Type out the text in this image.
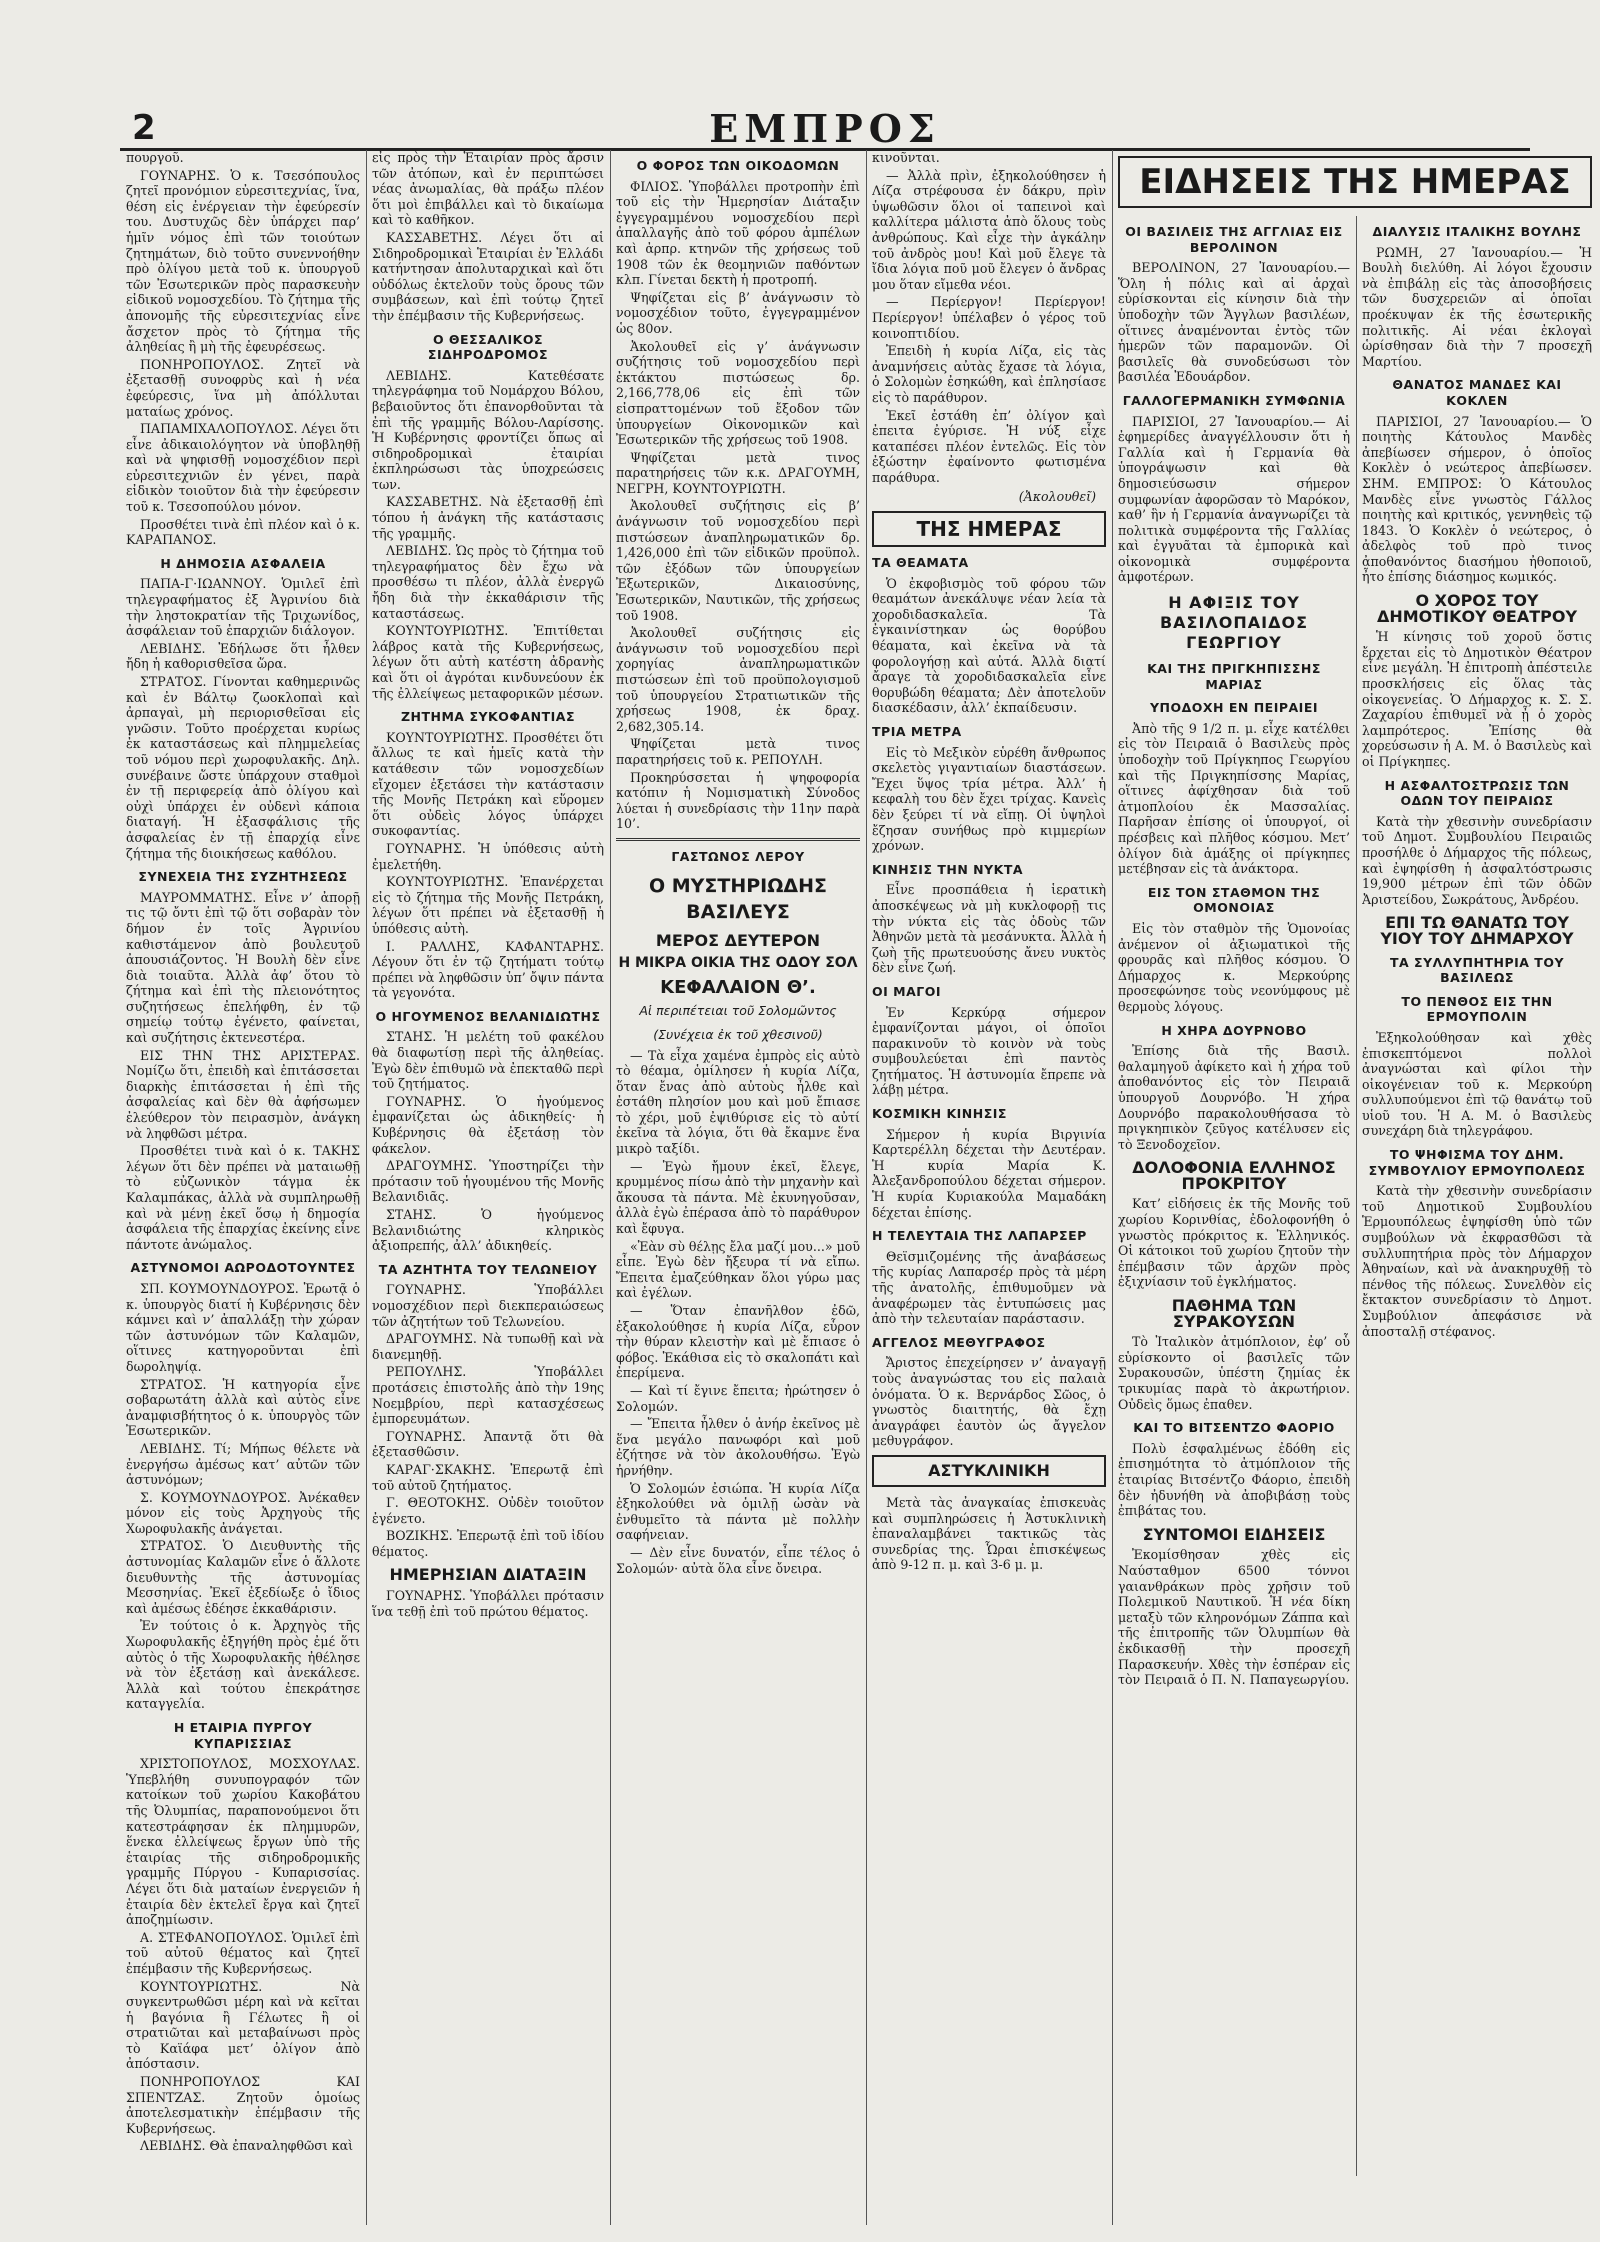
2	ΕΜΠΡΟΣ

πουργοῦ.

ΓΟΥΝΑΡΗΣ. Ὁ κ. Τσεσόπουλος ζητεῖ προνόμιον εὐρεσιτεχνίας, ἵνα, θέση εἰς ἐνέργειαν τὴν ἐφεύρεσίν του. Δυστυχῶς δὲν ὑπάρχει παρ’ ἡμῖν νόμος ἐπὶ τῶν τοιούτων ζητημάτων, διὸ τοῦτο συνεννοήθην πρὸ ὀλίγου μετὰ τοῦ κ. ὑπουργοῦ τῶν Ἐσωτερικῶν πρὸς παρασκευὴν εἰδικοῦ νομοσχεδίου. Τὸ ζήτημα τῆς ἀπονομῆς τῆς εὐρεσιτεχνίας εἶνε ἄσχετον πρὸς τὸ ζήτημα τῆς ἀληθείας ἢ μὴ τῆς ἐφευρέσεως.

ΠΟΝΗΡΟΠΟΥΛΟΣ. Ζητεῖ νὰ ἐξετασθῇ συνοφρὺς καὶ ἡ νέα ἐφεύρεσις, ἵνα μὴ ἀπόλλυται ματαίως χρόνος.

ΠΑΠΑΜΙΧΑΛΟΠΟΥΛΟΣ. Λέγει ὅτι εἶνε ἀδικαιολόγητον νὰ ὑποβληθῇ καὶ νὰ ψηφισθῇ νομοσχέδιον περὶ εὐρεσιτεχνιῶν ἐν γένει, παρὰ εἰδικὸν τοιοῦτον διὰ τὴν ἐφεύρεσιν τοῦ κ. Τσεσοπούλου μόνον.

Προσθέτει τινὰ ἐπὶ πλέον καὶ ὁ κ. ΚΑΡΑΠΑΝΟΣ.

Η ΔΗΜΟΣΙΑ ΑΣΦΑΛΕΙΑ

ΠΑΠΑ-Γ·ΙΩΑΝΝΟΥ. Ὁμιλεῖ ἐπὶ τηλεγραφήματος ἐξ Ἀγρινίου διὰ τὴν ληστοκρατίαν τῆς Τριχωνίδος, ἀσφάλειαν τοῦ ἐπαρχιῶν διάλογον.

ΛΕΒΙΔΗΣ. Ἐδήλωσε ὅτι ἦλθεν ἤδη ἡ καθορισθεῖσα ὥρα.

ΣΤΡΑΤΟΣ. Γίνονται καθημερινῶς καὶ ἐν Βάλτῳ ζωοκλοπαὶ καὶ ἀρπαγαὶ, μὴ περιορισθεῖσαι εἰς γνῶσιν. Τοῦτο προέρχεται κυρίως ἐκ καταστάσεως καὶ πλημμελείας τοῦ νόμου περὶ χωροφυλακῆς. Δηλ. συνέβαινε ὥστε ὑπάρχουν σταθμοὶ ἐν τῇ περιφερείᾳ ἀπὸ ὀλίγου καὶ οὐχὶ ὑπάρχει ἐν οὐδενὶ κάποια διαταγή. Ἡ ἐξασφάλισις τῆς ἀσφαλείας ἐν τῇ ἐπαρχίᾳ εἶνε ζήτημα τῆς διοικήσεως καθόλου.

ΣΥΝΕΧΕΙΑ ΤΗΣ ΣΥΖΗΤΗΣΕΩΣ

ΜΑΥΡΟΜΜΑΤΗΣ. Εἶνε ν’ ἀπορῇ τις τῷ ὄντι ἐπὶ τῷ ὅτι σοβαρὰν τὸν δήμον ἐν τοῖς Ἀγρινίου καθιστάμενον ἀπὸ βουλευτοῦ ἀπουσιάζοντος. Ἡ Βουλὴ δὲν εἶνε διὰ τοιαῦτα. Ἀλλὰ ἀφ’ ὅτου τὸ ζήτημα καὶ ἐπὶ τὴς πλειονότητος συζητήσεως ἐπελήφθη, ἐν τῷ σημείῳ τούτῳ ἐγένετο, φαίνεται, καὶ συζήτησις ἐκτενεστέρα.

ΕΙΣ ΤΗΝ ΤΗΣ ΑΡΙΣΤΕΡΑΣ. Νομίζω ὅτι, ἐπειδὴ καὶ ἐπιτάσσεται διαρκὴς ἐπιτάσσεται ἡ ἐπὶ τῆς ἀσφαλείας καὶ δὲν θὰ ἀφήσωμεν ἐλεύθερον τὸν πειρασμὸν, ἀνάγκη νὰ ληφθῶσι μέτρα.

Προσθέτει τινὰ καὶ ὁ κ. ΤΑΚΗΣ λέγων ὅτι δὲν πρέπει νὰ ματαιωθῇ τὸ εὐζωνικὸν τάγμα ἐκ Καλαμπάκας, ἀλλὰ νὰ συμπληρωθῇ καὶ νὰ μένῃ ἐκεῖ ὅσῳ ἡ δημοσία ἀσφάλεια τῆς ἐπαρχίας ἐκείνης εἶνε πάντοτε ἀνώμαλος.

ΑΣΤΥΝΟΜΟΙ ΑΩΡΟΔΟΤΟΥΝΤΕΣ

ΣΠ. ΚΟΥΜΟΥΝΔΟΥΡΟΣ. Ἐρωτᾷ ὁ κ. ὑπουργὸς διατί ἡ Κυβέρνησις δὲν κάμνει καὶ ν’ ἀπαλλάξῃ τὴν χώραν τῶν ἀστυνόμων τῶν Καλαμῶν, οἵτινες κατηγοροῦνται ἐπὶ δωροληψίᾳ.

ΣΤΡΑΤΟΣ. Ἡ κατηγορία εἶνε σοβαρωτάτη ἀλλὰ καὶ αὐτὸς εἶνε ἀναμφισβήτητος ὁ κ. ὑπουργὸς τῶν Ἐσωτερικῶν.

ΛΕΒΙΔΗΣ. Τί; Μήπως θέλετε νὰ ἐνεργήσω ἀμέσως κατ’ αὐτῶν τῶν ἀστυνόμων;

Σ. ΚΟΥΜΟΥΝΔΟΥΡΟΣ. Ἀνέκαθεν μόνον εἰς τοὺς Ἀρχηγοὺς τῆς Χωροφυλακῆς ἀνάγεται.

ΣΤΡΑΤΟΣ. Ὁ Διευθυντὴς τῆς ἀστυνομίας Καλαμῶν εἶνε ὁ ἄλλοτε διευθυντὴς τῆς ἀστυνομίας Μεσσηνίας. Ἐκεῖ ἐξεδίωξε ὁ ἴδιος καὶ ἀμέσως ἐδέησε ἐκκαθάρισιν.

Ἐν τούτοις ὁ κ. Ἀρχηγὸς τῆς Χωροφυλακῆς ἐξηγήθη πρὸς ἐμέ ὅτι αὐτὸς ὁ τῆς Χωροφυλακῆς ἠθέλησε νὰ τὸν ἐξετάσῃ καὶ ἀνεκάλεσε. Ἀλλὰ καὶ τούτου ἐπεκράτησε καταγγελία.

Η ΕΤΑΙΡΙΑ ΠΥΡΓΟΥ ΚΥΠΑΡΙΣΣΙΑΣ

ΧΡΙΣΤΟΠΟΥΛΟΣ, ΜΟΣΧΟΥΛΑΣ. Ὑπεβλήθη συνυπογραφόν τῶν κατοίκων τοῦ χωρίου Κακοβάτου τῆς Ὀλυμπίας, παραπονούμενοι ὅτι κατεστράφησαν ἐκ πλημμυρῶν, ἕνεκα ἐλλείψεως ἔργων ὑπὸ τῆς ἑταιρίας τῆς σιδηροδρομικῆς γραμμῆς Πύργου - Κυπαρισσίας. Λέγει ὅτι διὰ ματαίων ἐνεργειῶν ἡ ἑταιρία δὲν ἐκτελεῖ ἔργα καὶ ζητεῖ ἀποζημίωσιν.

Α. ΣΤΕΦΑΝΟΠΟΥΛΟΣ. Ὁμιλεῖ ἐπὶ τοῦ αὐτοῦ θέματος καὶ ζητεῖ ἐπέμβασιν τῆς Κυβερνήσεως.

ΚΟΥΝΤΟΥΡΙΩΤΗΣ. Νὰ συγκεντρωθῶσι μέρη καὶ νὰ κεῖται ἡ βαγόνια ἢ Γέλωτες ἢ οἱ στρατιῶται καὶ μεταβαίνωσι πρὸς τὸ Καϊάφα μετ’ ὀλίγον ἀπὸ ἀπόστασιν.

ΠΟΝΗΡΟΠΟΥΛΟΣ ΚΑΙ ΣΠΕΝΤΖΑΣ. Ζητοῦν ὁμοίως ἀποτελεσματικὴν ἐπέμβασιν τῆς Κυβερνήσεως.

ΛΕΒΙΔΗΣ. Θὰ ἐπαναληφθῶσι καὶ

εἰς πρὸς τὴν Ἑταιρίαν πρὸς ἄρσιν τῶν ἀτόπων, καὶ ἐν περιπτώσει νέας ἀνωμαλίας, θὰ πράξω πλέον ὅτι μοὶ ἐπιβάλλει καὶ τὸ δικαίωμα καὶ τὸ καθῆκον.

ΚΑΣΣΑΒΕΤΗΣ. Λέγει ὅτι αἱ Σιδηροδρομικαὶ Ἑταιρίαι ἐν Ἑλλάδι κατήντησαν ἀπολυταρχικαὶ καὶ ὅτι οὐδόλως ἐκτελοῦν τοὺς ὅρους τῶν συμβάσεων, καὶ ἐπὶ τούτῳ ζητεῖ τὴν ἐπέμβασιν τῆς Κυβερνήσεως.

Ο ΘΕΣΣΑΛΙΚΟΣ ΣΙΔΗΡΟΔΡΟΜΟΣ

ΛΕΒΙΔΗΣ. Κατεθέσατε τηλεγράφημα τοῦ Νομάρχου Βόλου, βεβαιοῦντος ὅτι ἐπανορθοῦνται τὰ ἐπὶ τῆς γραμμῆς Βόλου-Λαρίσσης. Ἡ Κυβέρνησις φροντίζει ὅπως αἱ σιδηροδρομικαὶ ἐταιρίαι ἐκπληρώσωσι τὰς ὑποχρεώσεις των.

ΚΑΣΣΑΒΕΤΗΣ. Νὰ ἐξετασθῇ ἐπὶ τόπου ἡ ἀνάγκη τῆς κατάστασις τῆς γραμμῆς.

ΛΕΒΙΔΗΣ. Ὡς πρὸς τὸ ζήτημα τοῦ τηλεγραφήματος δὲν ἔχω νὰ προσθέσω τι πλέον, ἀλλὰ ἐνεργῶ ἤδη διὰ τὴν ἐκκαθάρισιν τῆς καταστάσεως.

ΚΟΥΝΤΟΥΡΙΩΤΗΣ. Ἐπιτίθεται λάβρος κατὰ τῆς Κυβερνήσεως, λέγων ὅτι αὐτὴ κατέστη ἀδρανὴς καὶ ὅτι οἱ ἀγρόται κινδυνεύουν ἐκ τῆς ἐλλείψεως μεταφορικῶν μέσων.

ΖΗΤΗΜΑ ΣΥΚΟΦΑΝΤΙΑΣ

ΚΟΥΝΤΟΥΡΙΩΤΗΣ. Προσθέτει ὅτι ἄλλως τε καὶ ἡμεῖς κατὰ τὴν κατάθεσιν τῶν νομοσχεδίων εἴχομεν ἐξετάσει τὴν κατάστασιν τῆς Μονῆς Πετράκη καὶ εὕρομεν ὅτι οὐδεὶς λόγος ὑπάρχει συκοφαντίας.

ΓΟΥΝΑΡΗΣ. Ἡ ὑπόθεσις αὐτὴ ἐμελετήθη.

ΚΟΥΝΤΟΥΡΙΩΤΗΣ. Ἐπανέρχεται εἰς τὸ ζήτημα τῆς Μονῆς Πετράκη, λέγων ὅτι πρέπει νὰ ἐξετασθῇ ἡ ὑπόθεσις αὐτὴ.

Ι. ΡΑΛΛΗΣ, ΚΑΦΑΝΤΑΡΗΣ. Λέγουν ὅτι ἐν τῷ ζητήματι τούτῳ πρέπει νὰ ληφθῶσιν ὑπ’ ὄψιν πάντα τὰ γεγονότα.

Ο ΗΓΟΥΜΕΝΟΣ ΒΕΛΑΝΙΔΙΩΤΗΣ

ΣΤΑΗΣ. Ἡ μελέτη τοῦ φακέλου θὰ διαφωτίσῃ περὶ τῆς ἀληθείας. Ἐγὼ δὲν ἐπιθυμῶ νὰ ἐπεκταθῶ περὶ τοῦ ζητήματος.

ΓΟΥΝΑΡΗΣ. Ὁ ἡγούμενος ἐμφανίζεται ὡς ἀδικηθείς· ἡ Κυβέρνησις θὰ ἐξετάσῃ τὸν φάκελον.

ΔΡΑΓΟΥΜΗΣ. Ὑποστηρίζει τὴν πρότασιν τοῦ ἡγουμένου τῆς Μονῆς Βελανιδιᾶς.

ΣΤΑΗΣ. Ὁ ἡγούμενος Βελανιδιώτης κληρικὸς ἀξιοπρεπής, ἀλλ’ ἀδικηθείς.

ΤΑ ΑΖΗΤΗΤΑ ΤΟΥ ΤΕΛΩΝΕΙΟΥ

ΓΟΥΝΑΡΗΣ. Ὑποβάλλει νομοσχέδιον περὶ διεκπεραιώσεως τῶν ἀζητήτων τοῦ Τελωνείου.

ΔΡΑΓΟΥΜΗΣ. Νὰ τυπωθῇ καὶ νὰ διανεμηθῇ.

ΡΕΠΟΥΛΗΣ. Ὑποβάλλει προτάσεις ἐπιστολῆς ἀπὸ τὴν 19ης Νοεμβρίου, περὶ κατασχέσεως ἐμπορευμάτων.

ΓΟΥΝΑΡΗΣ. Ἀπαντᾷ ὅτι θὰ ἐξετασθῶσιν.

ΚΑΡΑΓ·ΣΚΑΚΗΣ. Ἐπερωτᾷ ἐπὶ τοῦ αὐτοῦ ζητήματος.

Γ. ΘΕΟΤΟΚΗΣ. Οὐδὲν τοιοῦτον ἐγένετο.

ΒΟΖΙΚΗΣ. Ἐπερωτᾷ ἐπὶ τοῦ ἰδίου θέματος.

ΗΜΕΡΗΣΙΑΝ ΔΙΑΤΑΞΙΝ

ΓΟΥΝΑΡΗΣ. Ὑποβάλλει πρότασιν ἵνα τεθῇ ἐπὶ τοῦ πρώτου θέματος.

Ο ΦΟΡΟΣ ΤΩΝ ΟΙΚΟΔΟΜΩΝ

ΦΙΛΙΟΣ. Ὑποβάλλει προτροπὴν ἐπὶ τοῦ εἰς τὴν Ἡμερησίαν Διάταξιν ἐγγεγραμμένου νομοσχεδίου περὶ ἀπαλλαγῆς ἀπὸ τοῦ φόρου ἀμπέλων καὶ ἀρπρ. κτηνῶν τῆς χρήσεως τοῦ 1908 τῶν ἐκ θεομηνιῶν παθόντων κλπ. Γίνεται δεκτὴ ἡ προτροπή.

Ψηφίζεται εἰς β’ ἀνάγνωσιν τὸ νομοσχέδιον τοῦτο, ἐγγεγραμμένον ὡς 80ον.

Ἀκολουθεῖ εἰς γ’ ἀνάγνωσιν συζήτησις τοῦ νομοσχεδίου περὶ ἐκτάκτου πιστώσεως δρ. 2,166,778,06 εἰς ἐπὶ τῶν εἰσπραττομένων τοῦ ἔξοδον τῶν ὑπουργείων Οἰκονομικῶν καὶ Ἐσωτερικῶν τῆς χρήσεως τοῦ 1908.

Ψηφίζεται μετὰ τινος παρατηρήσεις τῶν κ.κ. ΔΡΑΓΟΥΜΗ, ΝΕΓΡΗ, ΚΟΥΝΤΟΥΡΙΩΤΗ.

Ἀκολουθεῖ συζήτησις εἰς β’ ἀνάγνωσιν τοῦ νομοσχεδίου περὶ πιστώσεων ἀναπληρωματικῶν δρ. 1,426,000 ἐπὶ τῶν εἰδικῶν προϋπολ. τῶν ἐξόδων τῶν ὑπουργείων Ἐξωτερικῶν, Δικαιοσύνης, Ἐσωτερικῶν, Ναυτικῶν, τῆς χρήσεως τοῦ 1908.

Ἀκολουθεῖ συζήτησις εἰς ἀνάγνωσιν τοῦ νομοσχεδίου περὶ χορηγίας ἀναπληρωματικῶν πιστώσεων ἐπὶ τοῦ προϋπολογισμοῦ τοῦ ὑπουργείου Στρατιωτικῶν τῆς χρήσεως 1908, ἐκ δραχ. 2,682,305.14.

Ψηφίζεται μετὰ τινος παρατηρήσεις τοῦ κ. ΡΕΠΟΥΛΗ.

Προκηρύσσεται ἡ ψηφοφορία κατόπιν ἡ Νομισματικὴ Σύνοδος λύεται ἡ συνεδρίασις τὴν 11ην παρὰ 10’.

ΓΑΣΤΩΝΟΣ ΛΕΡΟΥ
Ο ΜΥΣΤΗΡΙΩΔΗΣ ΒΑΣΙΛΕΥΣ
ΜΕΡΟΣ ΔΕΥΤΕΡΟΝ
Η ΜΙΚΡΑ ΟΙΚΙΑ ΤΗΣ ΟΔΟΥ ΣΟΛ
ΚΕΦΑΛΑΙΟΝ Θ’.
Αἱ περιπέτειαι τοῦ Σολομῶντος
(Συνέχεια ἐκ τοῦ χθεσινοῦ)

— Τὰ εἶχα χαμένα ἐμπρὸς εἰς αὐτὸ τὸ θέαμα, ὁμίλησεν ἡ κυρία Λίζα, ὅταν ἔνας ἀπὸ αὐτοὺς ἦλθε καὶ ἐστάθη πλησίον μου καὶ μοῦ ἔπιασε τὸ χέρι, μοῦ ἐψιθύρισε εἰς τὸ αὐτί ἐκεῖνα τὰ λόγια, ὅτι θὰ ἔκαμνε ἕνα μικρὸ ταξίδι.

— Ἐγὼ ἤμουν ἐκεῖ, ἔλεγε, κρυμμένος πίσω ἀπὸ τὴν μηχανὴν καὶ ἄκουσα τὰ πάντα. Μὲ ἐκυνηγοῦσαν, ἀλλὰ ἐγὼ ἐπέρασα ἀπὸ τὸ παράθυρον καὶ ἔφυγα.

«Ἐὰν σὺ θέλῃς ἔλα μαζί μου...» μοῦ εἶπε. Ἐγὼ δὲν ἤξευρα τί νὰ εἴπω. Ἔπειτα ἐμαζεύθηκαν ὅλοι γύρω μας καὶ ἐγέλων.

— Ὅταν ἐπανῆλθον ἐδῶ, ἐξακολούθησε ἡ κυρία Λίζα, εὗρον τὴν θύραν κλειστὴν καὶ μὲ ἔπιασε ὁ φόβος. Ἐκάθισα εἰς τὸ σκαλοπάτι καὶ ἐπερίμενα.

— Καὶ τί ἔγινε ἔπειτα; ἠρώτησεν ὁ Σολομών.

— Ἔπειτα ἦλθεν ὁ ἀνήρ ἐκεῖνος μὲ ἕνα μεγάλο πανωφόρι καὶ μοῦ ἐζήτησε νὰ τὸν ἀκολουθήσω. Ἐγὼ ἠρνήθην.

Ὁ Σολομών ἐσιώπα. Ἡ κυρία Λίζα ἐξηκολούθει νὰ ὁμιλῇ ὡσὰν νὰ ἐνθυμεῖτο τὰ πάντα μὲ πολλὴν σαφήνειαν.

— Δὲν εἶνε δυνατόν, εἶπε τέλος ὁ Σολομών· αὐτὰ ὅλα εἶνε ὄνειρα.

κινοῦνται.

— Ἀλλὰ πρὶν, ἐξηκολούθησεν ἡ Λίζα στρέφουσα ἐν δάκρυ, πρὶν ὑψωθῶσιν ὅλοι οἱ ταπεινοὶ καὶ καλλίτερα μάλιστα ἀπὸ ὅλους τοὺς ἀνθρώπους. Καὶ εἶχε τὴν ἀγκάλην τοῦ ἀνδρὸς μου! Καὶ μοῦ ἔλεγε τὰ ἴδια λόγια ποῦ μοῦ ἔλεγεν ὁ ἄνδρας μου ὅταν εἴμεθα νέοι.

— Περίεργον! Περίεργον! Περίεργον! ὑπέλαβεν ὁ γέρος τοῦ κοινοπτιδίου.

Ἐπειδὴ ἡ κυρία Λίζα, εἰς τὰς ἀναμνήσεις αὐτὰς ἔχασε τὰ λόγια, ὁ Σολομὼν ἐσηκώθη, καὶ ἐπλησίασε εἰς τὸ παράθυρον.

Ἐκεῖ ἐστάθη ἐπ’ ὀλίγον καὶ ἐπειτα ἐγύρισε. Ἡ νύξ εἶχε καταπέσει πλέον ἐντελῶς. Εἰς τὸν ἐξώστην ἐφαίνοντο φωτισμένα παράθυρα.

(Ἀκολουθεῖ)
ΤΗΣ ΗΜΕΡΑΣ
ΤΑ ΘΕΑΜΑΤΑ

Ὁ ἐκφοβισμὸς τοῦ φόρου τῶν θεαμάτων ἀνεκάλυψε νέαν λεία τὰ χοροδιδασκαλεῖα. Τὰ ἐγκαινίστηκαν ὡς θορύβου θέαματα, καὶ ἐκεῖνα νὰ τὰ φορολογήσῃ καὶ αὐτά. Ἀλλὰ διατί ἄραγε τὰ χοροδιδασκαλεῖα εἶνε θορυβώδη θέαματα; Δὲν ἀποτελοῦν διασκέδασιν, ἀλλ’ ἐκπαίδευσιν.

ΤΡΙΑ ΜΕΤΡΑ

Εἰς τὸ Μεξικὸν εὑρέθη ἄνθρωπος σκελετὸς γιγαντιαίων διαστάσεων. Ἔχει ὕψος τρία μέτρα. Ἀλλ’ ἡ κεφαλὴ του δὲν ἔχει τρίχας. Κανεὶς δὲν ξεύρει τί νὰ εἴπῃ. Οἱ ὑψηλοὶ ἔζησαν συνήθως πρὸ κιμμερίων χρόνων.

ΚΙΝΗΣΙΣ ΤΗΝ ΝΥΚΤΑ

Εἶνε προσπάθεια ἡ ἱερατικὴ ἀποσκέψεως νὰ μὴ κυκλοφορῇ τις τὴν νύκτα εἰς τὰς ὁδοὺς τῶν Ἀθηνῶν μετὰ τὰ μεσάνυκτα. Ἀλλὰ ἡ ζωὴ τῆς πρωτευούσης ἄνευ νυκτὸς δὲν εἶνε ζωή.

ΟΙ ΜΑΓΟΙ

Ἐν Κερκύρᾳ σήμερον ἐμφανίζονται μάγοι, οἱ ὁποῖοι παρακινοῦν τὸ κοινὸν νὰ τοὺς συμβουλεύεται ἐπὶ παντὸς ζητήματος. Ἡ ἀστυνομία ἔπρεπε νὰ λάβῃ μέτρα.

ΚΟΣΜΙΚΗ ΚΙΝΗΣΙΣ

Σήμερον ἡ κυρία Βιργινία Καρτερέλλη δέχεται τὴν Δευτέραν. Ἡ κυρία Μαρία Κ. Ἀλεξανδροπούλου δέχεται σήμερον. Ἡ κυρία Κυριακούλα Μαμαδάκη δέχεται ἐπίσης.

Η ΤΕΛΕΥΤΑΙΑ ΤΗΣ ΛΑΠΑΡΣΕΡ

Θεϊσμιζομένης τῆς ἀναβάσεως τῆς κυρίας Λαπαρσέρ πρὸς τὰ μέρη τῆς ἀνατολῆς, ἐπιθυμοῦμεν νὰ ἀναφέρωμεν τὰς ἐντυπώσεις μας ἀπὸ τὴν τελευταίαν παράστασιν.

ΑΓΓΕΛΟΣ ΜΕΘΥΓΡΑΦΟΣ

Ἄριστος ἐπεχείρησεν ν’ ἀναγαγῇ τοὺς ἀναγνώστας του εἰς παλαιὰ ὀνόματα. Ὁ κ. Βερνάρδος Σῶος, ὁ γνωστὸς διαιτητής, θὰ ἔχῃ ἀναγράφει ἑαυτὸν ὡς ἄγγελον μεθυγράφον.

ΑΣΤΥΚΛΙΝΙΚΗ

Μετὰ τὰς ἀναγκαίας ἐπισκευὰς καὶ συμπληρώσεις ἡ Ἀστυκλινικὴ ἐπαναλαμβάνει τακτικῶς τὰς συνεδρίας της. Ὧραι ἐπισκέψεως ἀπὸ 9-12 π. μ. καὶ 3-6 μ. μ.

ΕΙΔΗΣΕΙΣ ΤΗΣ ΗΜΕΡΑΣ
ΟΙ ΒΑΣΙΛΕΙΣ ΤΗΣ ΑΓΓΛΙΑΣ ΕΙΣ ΒΕΡΟΛΙΝΟΝ

ΒΕΡΟΛΙΝΟΝ, 27 Ἰανουαρίου.— Ὅλη ἡ πόλις καὶ αἱ ἀρχαὶ εὑρίσκονται εἰς κίνησιν διὰ τὴν ὑποδοχὴν τῶν Ἄγγλων βασιλέων, οἵτινες ἀναμένονται ἐντὸς τῶν ἡμερῶν τῶν παραμονῶν. Οἱ βασιλεῖς θὰ συνοδεύσωσι τὸν βασιλέα Ἐδουάρδον.

ΓΑΛΛΟΓΕΡΜΑΝΙΚΗ ΣΥΜΦΩΝΙΑ

ΠΑΡΙΣΙΟΙ, 27 Ἰανουαρίου.— Αἱ ἐφημερίδες ἀναγγέλλουσιν ὅτι ἡ Γαλλία καὶ ἡ Γερμανία θὰ ὑπογράψωσιν καὶ θὰ δημοσιεύσωσιν σήμερον συμφωνίαν ἀφορῶσαν τὸ Μαρόκον, καθ’ ἣν ἡ Γερμανία ἀναγνωρίζει τὰ πολιτικὰ συμφέροντα τῆς Γαλλίας καὶ ἐγγυᾶται τὰ ἐμπορικὰ καὶ οἰκονομικὰ συμφέροντα ἀμφοτέρων.

Η ΑΦΙΞΙΣ ΤΟΥ ΒΑΣΙΛΟΠΑΙΔΟΣ ΓΕΩΡΓΙΟΥ
ΚΑΙ ΤΗΣ ΠΡΙΓΚΗΠΙΣΣΗΣ ΜΑΡΙΑΣ
ΥΠΟΔΟΧΗ ΕΝ ΠΕΙΡΑΙΕΙ

Ἀπὸ τῆς 9 1/2 π. μ. εἶχε κατέλθει εἰς τὸν Πειραιᾶ ὁ Βασιλεὺς πρὸς ὑποδοχὴν τοῦ Πρίγκηπος Γεωργίου καὶ τῆς Πριγκηπίσσης Μαρίας, οἵτινες ἀφίχθησαν διὰ τοῦ ἀτμοπλοίου ἐκ Μασσαλίας. Παρῆσαν ἐπίσης οἱ ὑπουργοί, οἱ πρέσβεις καὶ πλῆθος κόσμου. Μετ’ ὀλίγον διὰ ἁμάξης οἱ πρίγκηπες μετέβησαν εἰς τὰ ἀνάκτορα.

ΕΙΣ ΤΟΝ ΣΤΑΘΜΟΝ ΤΗΣ ΟΜΟΝΟΙΑΣ

Εἰς τὸν σταθμὸν τῆς Ὁμονοίας ἀνέμενον οἱ ἀξιωματικοὶ τῆς φρουρᾶς καὶ πλῆθος κόσμου. Ὁ Δήμαρχος κ. Μερκούρης προσεφώνησε τοὺς νεονύμφους μὲ θερμοὺς λόγους.

Η ΧΗΡΑ ΔΟΥΡΝΟΒΟ

Ἐπίσης διὰ τῆς Βασιλ. θαλαμηγοῦ ἀφίκετο καὶ ἡ χήρα τοῦ ἀποθανόντος εἰς τὸν Πειραιᾶ ὑπουργοῦ Δουρνόβο. Ἡ χήρα Δουρνόβο παρακολουθήσασα τὸ πριγκηπικὸν ζεῦγος κατέλυσεν εἰς τὸ Ξενοδοχεῖον.

ΔΟΛΟΦΟΝΙΑ ΕΛΛΗΝΟΣ ΠΡΟΚΡΙΤΟΥ

Κατ’ εἰδήσεις ἐκ τῆς Μονῆς τοῦ χωρίου Κορινθίας, ἐδολοφονήθη ὁ γνωστὸς πρόκριτος κ. Ἐλληνικός. Οἱ κάτοικοι τοῦ χωρίου ζητοῦν τὴν ἐπέμβασιν τῶν ἀρχῶν πρὸς ἐξιχνίασιν τοῦ ἐγκλήματος.

ΠΑΘΗΜΑ ΤΩΝ ΣΥΡΑΚΟΥΣΩΝ

Τὸ Ἰταλικὸν ἀτμόπλοιον, ἐφ’ οὗ εὑρίσκοντο οἱ βασιλεῖς τῶν Συρακουσῶν, ὑπέστη ζημίας ἐκ τρικυμίας παρὰ τὸ ἀκρωτήριον. Οὐδεὶς ὅμως ἐπαθεν.

ΚΑΙ ΤΟ ΒΙΤΣΕΝΤΖΟ ΦΑΟΡΙΟ

Πολὺ ἐσφαλμένως ἐδόθη εἰς ἐπισημότητα τὸ ἀτμόπλοιον τῆς ἑταιρίας Βιτσέντζο Φάοριο, ἐπειδὴ δὲν ἠδυνήθη νὰ ἀποβιβάσῃ τοὺς ἐπιβάτας του.

ΣΥΝΤΟΜΟΙ ΕΙΔΗΣΕΙΣ

Ἐκομίσθησαν χθὲς εἰς Ναύσταθμον 6500 τόννοι γαιανθράκων πρὸς χρῆσιν τοῦ Πολεμικοῦ Ναυτικοῦ. Ἡ νέα δίκη μεταξὺ τῶν κληρονόμων Ζάππα καὶ τῆς ἐπιτροπῆς τῶν Ὀλυμπίων θὰ ἐκδικασθῇ τὴν προσεχῆ Παρασκευήν. Χθὲς τὴν ἑσπέραν εἰς τὸν Πειραιᾶ ὁ Π. Ν. Παπαγεωργίου.

ΔΙΑΛΥΣΙΣ ΙΤΑΛΙΚΗΣ ΒΟΥΛΗΣ

ΡΩΜΗ, 27 Ἰανουαρίου.— Ἡ Βουλὴ διελύθη. Αἱ λόγοι ἔχουσιν νὰ ἐπιβάλῃ εἰς τὰς ἀποσοβήσεις τῶν δυσχερειῶν αἱ ὁποῖαι προέκυψαν ἐκ τῆς ἐσωτερικῆς πολιτικῆς. Αἱ νέαι ἐκλογαὶ ὡρίσθησαν διὰ τὴν 7 προσεχῆ Μαρτίου.

ΘΑΝΑΤΟΣ ΜΑΝΔΕΣ ΚΑΙ ΚΟΚΛΕΝ

ΠΑΡΙΣΙΟΙ, 27 Ἰανουαρίου.— Ὁ ποιητὴς Κάτουλος Μανδὲς ἀπεβίωσεν σήμερον, ὁ ὁποῖος Κοκλὲν ὁ νεώτερος ἀπεβίωσεν. ΣΗΜ. ΕΜΠΡΟΣ: Ὁ Κάτουλος Μανδὲς εἶνε γνωστὸς Γάλλος ποιητὴς καὶ κριτικός, γεννηθεὶς τῷ 1843. Ὁ Κοκλὲν ὁ νεώτερος, ὁ ἀδελφὸς τοῦ πρὸ τινος ἀποθανόντος διασήμου ἠθοποιοῦ, ἦτο ἐπίσης διάσημος κωμικός.

Ο ΧΟΡΟΣ ΤΟΥ ΔΗΜΟΤΙΚΟΥ ΘΕΑΤΡΟΥ

Ἡ κίνησις τοῦ χοροῦ ὅστις ἔρχεται εἰς τὸ Δημοτικὸν Θέατρον εἶνε μεγάλη. Ἡ ἐπιτροπὴ ἀπέστειλε προσκλήσεις εἰς ὅλας τὰς οἰκογενείας. Ὁ Δήμαρχος κ. Σ. Σ. Ζαχαρίου ἐπιθυμεῖ νὰ ᾖ ὁ χορὸς λαμπρότερος. Ἐπίσης θὰ χορεύσωσιν ἡ Α. Μ. ὁ Βασιλεὺς καὶ οἱ Πρίγκηπες.

Η ΑΣΦΑΛΤΟΣΤΡΩΣΙΣ ΤΩΝ ΟΔΩΝ ΤΟΥ ΠΕΙΡΑΙΩΣ

Κατὰ τὴν χθεσινὴν συνεδρίασιν τοῦ Δημοτ. Συμβουλίου Πειραιῶς προσήλθε ὁ Δήμαρχος τῆς πόλεως, καὶ ἐψηφίσθη ἡ ἀσφαλτόστρωσις 19,900 μέτρων ἐπὶ τῶν ὁδῶν Ἀριστείδου, Σωκράτους, Ἀνδρέου.

ΕΠΙ ΤΩ ΘΑΝΑΤΩ ΤΟΥ ΥΙΟΥ ΤΟΥ ΔΗΜΑΡΧΟΥ
ΤΑ ΣΥΛΛΥΠΗΤΗΡΙΑ ΤΟΥ ΒΑΣΙΛΕΩΣ
ΤΟ ΠΕΝΘΟΣ ΕΙΣ ΤΗΝ ΕΡΜΟΥΠΟΛΙΝ

Ἐξηκολούθησαν καὶ χθὲς ἐπισκεπτόμενοι πολλοὶ ἀναγνώσται καὶ φίλοι τὴν οἰκογένειαν τοῦ κ. Μερκούρη συλλυπούμενοι ἐπὶ τῷ θανάτῳ τοῦ υἱοῦ του. Ἡ Α. Μ. ὁ Βασιλεὺς συνεχάρη διὰ τηλεγράφου.

ΤΟ ΨΗΦΙΣΜΑ ΤΟΥ ΔΗΜ. ΣΥΜΒΟΥΛΙΟΥ ΕΡΜΟΥΠΟΛΕΩΣ

Κατὰ τὴν χθεσινὴν συνεδρίασιν τοῦ Δημοτικοῦ Συμβουλίου Ἑρμουπόλεως ἐψηφίσθη ὑπὸ τῶν συμβούλων νὰ ἐκφρασθῶσι τὰ συλλυπητήρια πρὸς τὸν Δήμαρχον Ἀθηναίων, καὶ νὰ ἀνακηρυχθῇ τὸ πένθος τῆς πόλεως. Συνελθὸν εἰς ἔκτακτον συνεδρίασιν τὸ Δημοτ. Συμβούλιον ἀπεφάσισε νὰ ἀποσταλῇ στέφανος.
